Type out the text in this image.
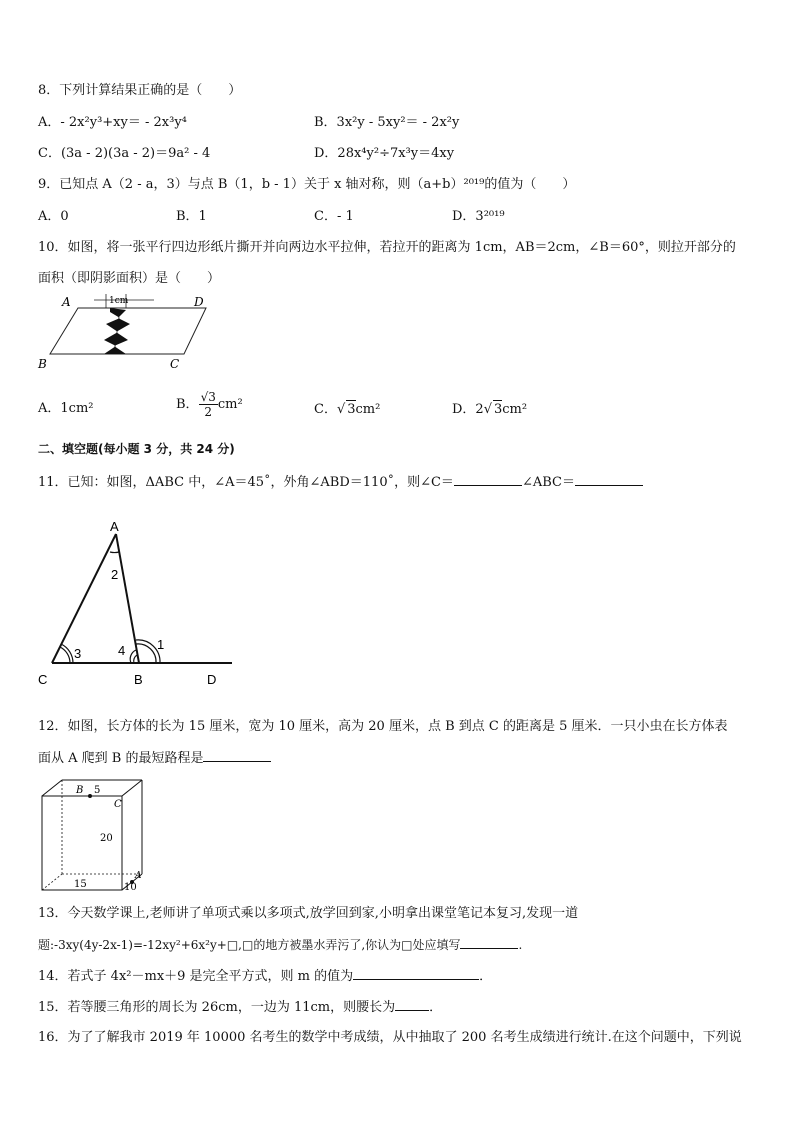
8．下列计算结果正确的是（　　）
A．- 2x²y³+xy＝ - 2x³y⁴	B．3x²y - 5xy²＝ - 2x²y
C．(3a - 2)(3a - 2)＝9a² - 4	D．28x⁴y²÷7x³y＝4xy
9．已知点 A（2 - a，3）与点 B（1，b - 1）关于 x 轴对称，则（a+b）²⁰¹⁹的值为（　　）
A．0	B．1	C．- 1	D．3²⁰¹⁹
10．如图，将一张平行四边形纸片撕开并向两边水平拉伸，若拉开的距离为 1cm，AB＝2cm，∠B＝60°，则拉开部分的
面积（即阴影面积）是（　　）
A	D
B	C
1cm
A．1cm²	B． $\frac{√3}{2} cm^2$	C．√ 3cm²	D．2√ 3cm²
二、填空题(每小题 3 分，共 24 分)
11．已知：如图，ΔABC 中，∠A＝45˚，外角∠ABD＝110˚，则∠C＝	∠ABC＝
A
C	B	D
2
3	4 1
12．如图，长方体的长为 15 厘米，宽为 10 厘米，高为 20 厘米，点 B 到点 C 的距离是 5 厘米．一只小虫在长方体表
面从 A 爬到 B 的最短路程是
B 5
C
20
A
15	10
13．今天数学课上,老师讲了单项式乘以多项式,放学回到家,小明拿出课堂笔记本复习,发现一道
题:-3xy(4y-2x-1)=-12xy²+6x²y+□,□的地方被墨水弄污了,你认为□处应填写	.
14．若式子 4x²－mx＋9 是完全平方式，则 m 的值为	．
15．若等腰三角形的周长为 26cm，一边为 11cm，则腰长为	．
16．为了了解我市 2019 年 10000 名考生的数学中考成绩，从中抽取了 200 名考生成绩进行统计.在这个问题中，下列说
